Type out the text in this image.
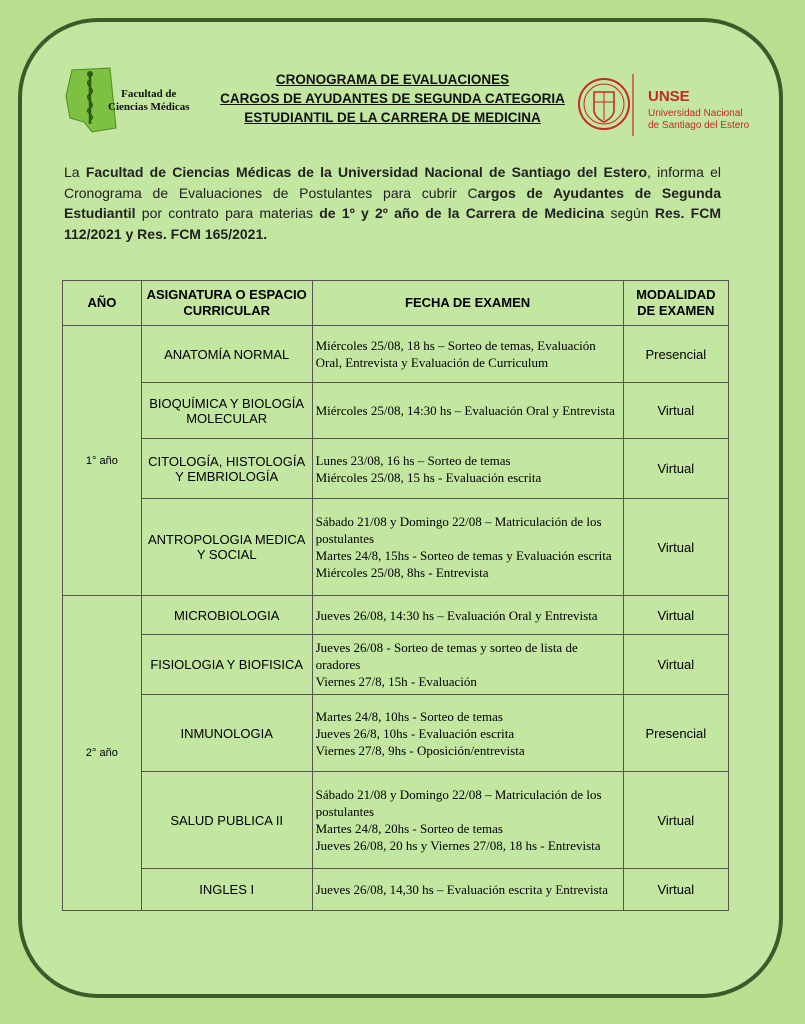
Facultad de
Ciencias Médicas
CRONOGRAMA DE EVALUACIONES
CARGOS DE AYUDANTES DE SEGUNDA CATEGORIA
ESTUDIANTIL DE LA CARRERA DE MEDICINA
UNSE
Universidad Nacional
de Santiago del Estero
La Facultad de Ciencias Médicas de la Universidad Nacional de Santiago del Estero, informa el Cronograma de Evaluaciones de Postulantes para cubrir Cargos de Ayudantes de Segunda Estudiantil por contrato para materias de 1º y 2º año de la Carrera de Medicina según Res. FCM 112/2021 y Res. FCM 165/2021.
AÑO	ASIGNATURA O ESPACIO CURRICULAR	FECHA DE EXAMEN	MODALIDAD DE EXAMEN
1° año	ANATOMÍA NORMAL	Miércoles 25/08, 18 hs – Sorteo de temas, Evaluación Oral, Entrevista y Evaluación de Curriculum	Presencial
	BIOQUÍMICA Y BIOLOGÍA MOLECULAR	Miércoles 25/08, 14:30 hs – Evaluación Oral y Entrevista	Virtual
	CITOLOGÍA, HISTOLOGÍA Y EMBRIOLOGÍA	Lunes 23/08, 16 hs – Sorteo de temas
Miércoles 25/08, 15 hs - Evaluación escrita	Virtual
	ANTROPOLOGIA MEDICA Y SOCIAL	Sábado 21/08 y Domingo 22/08 – Matriculación de los postulantes
Martes 24/8, 15hs - Sorteo de temas y Evaluación escrita
Miércoles 25/08, 8hs - Entrevista	Virtual
2° año	MICROBIOLOGIA	Jueves 26/08, 14:30 hs – Evaluación Oral y Entrevista	Virtual
	FISIOLOGIA Y BIOFISICA	Jueves 26/08 - Sorteo de temas y sorteo de lista de oradores
Viernes 27/8, 15h - Evaluación	Virtual
	INMUNOLOGIA	Martes 24/8, 10hs - Sorteo de temas
Jueves 26/8, 10hs - Evaluación escrita
Viernes 27/8, 9hs - Oposición/entrevista	Presencial
	SALUD PUBLICA II	Sábado 21/08 y Domingo 22/08 – Matriculación de los postulantes
Martes 24/8, 20hs - Sorteo de temas
Jueves 26/08, 20 hs y Viernes 27/08, 18 hs - Entrevista	Virtual
	INGLES I	Jueves 26/08, 14,30 hs – Evaluación escrita y Entrevista	Virtual
